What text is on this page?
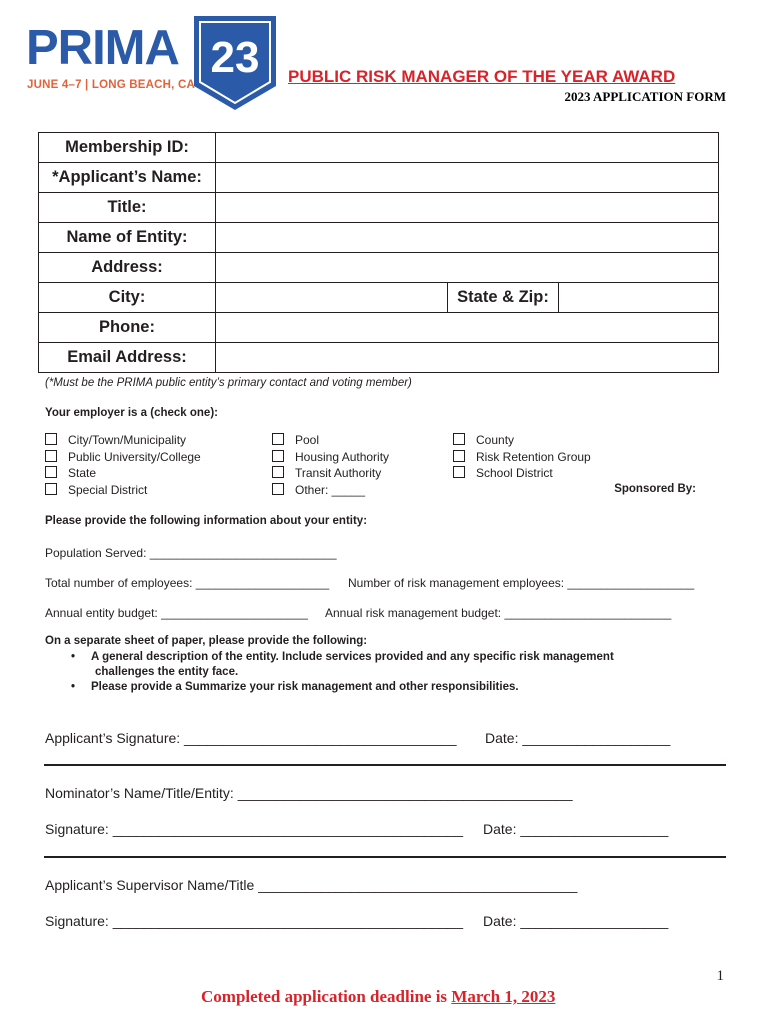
PRIMA 23
JUNE 4–7 | LONG BEACH, CA	PUBLIC RISK MANAGER OF THE YEAR AWARD
2023 APPLICATION FORM
Membership ID:			
*Applicant’s Name:			
Title:			
Name of Entity:			
Address:			
City:		State & Zip:	
Phone:			
Email Address:			
(*Must be the PRIMA public entity’s primary contact and voting member)
Your employer is a (check one):
City/Town/Municipality
Public University/College
State
Special District
Pool
Housing Authority
Transit Authority
Other: _____
County
Risk Retention Group
School District
Sponsored By:
Please provide the following information about your entity:
Population Served: ____________________________
Total number of employees: ____________________ Number of risk management employees: ___________________
Annual entity budget: ______________________ Annual risk management budget: _________________________
On a separate sheet of paper, please provide the following:
• A general description of the entity. Include services provided and any specific risk management
challenges the entity face.
• Please provide a Summarize your risk management and other responsibilities.
Applicant’s Signature: ___________________________________ Date: ___________________
Nominator’s Name/Title/Entity: ___________________________________________
Signature: _____________________________________________ Date: ___________________
Applicant’s Supervisor Name/Title _________________________________________
Signature: _____________________________________________ Date: ___________________
1
Completed application deadline is March 1, 2023
